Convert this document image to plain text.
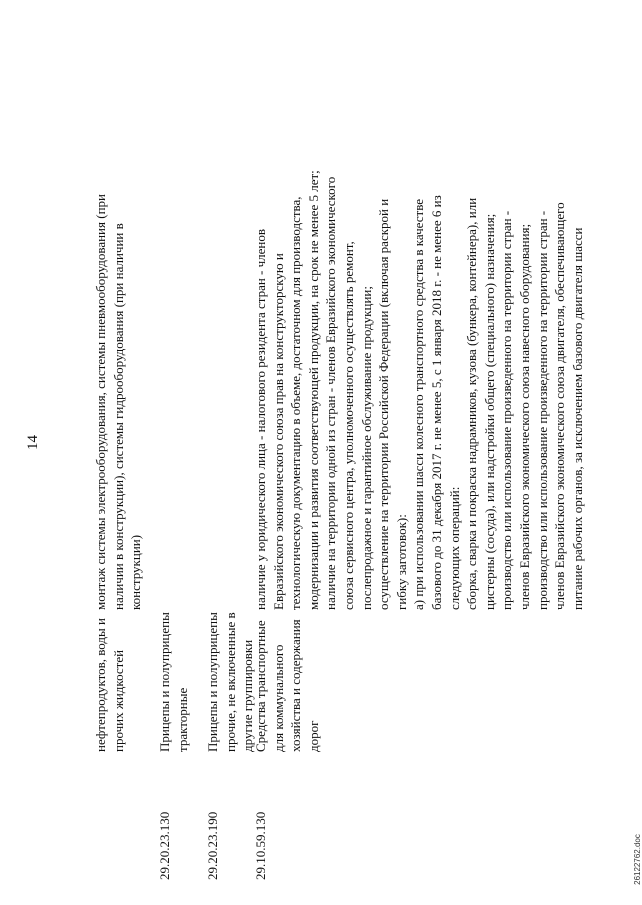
14
нефтепродуктов, воды и прочих жидкостей
монтаж системы электрооборудования, системы пневмооборудования (при наличии в конструкции), системы гидрооборудования (при наличии в конструкции)
29.20.23.130
Прицепы и полуприцепы тракторные
29.20.23.190
Прицепы и полуприцепы прочие, не включенные в другие группировки
29.10.59.130
Средства транспортные для коммунального хозяйства и содержания дорог
наличие у юридического лица - налогового резидента стран - членов Евразийского экономического союза прав на конструкторскую и технологическую документацию в объеме, достаточном для производства, модернизации и развития соответствующей продукции, на срок не менее 5 лет; наличие на территории одной из стран - членов Евразийского экономического союза сервисного центра, уполномоченного осуществлять ремонт, послепродажное и гарантийное обслуживание продукции; осуществление на территории Российской Федерации (включая раскрой и гибку заготовок): а) при использовании шасси колесного транспортного средства в качестве базового до 31 декабря 2017 г. не менее 5, с 1 января 2018 г. - не менее 6 из следующих операций: сборка, сварка и покраска надрамников, кузова (бункера, контейнера), или цистерны (сосуда), или надстройки общего (специального) назначения; производство или использование произведенного на территории стран - членов Евразийского экономического союза навесного оборудования; производство или использование произведенного на территории стран - членов Евразийского экономического союза двигателя, обеспечивающего питание рабочих органов, за исключением базового двигателя шасси
26122762.doc
